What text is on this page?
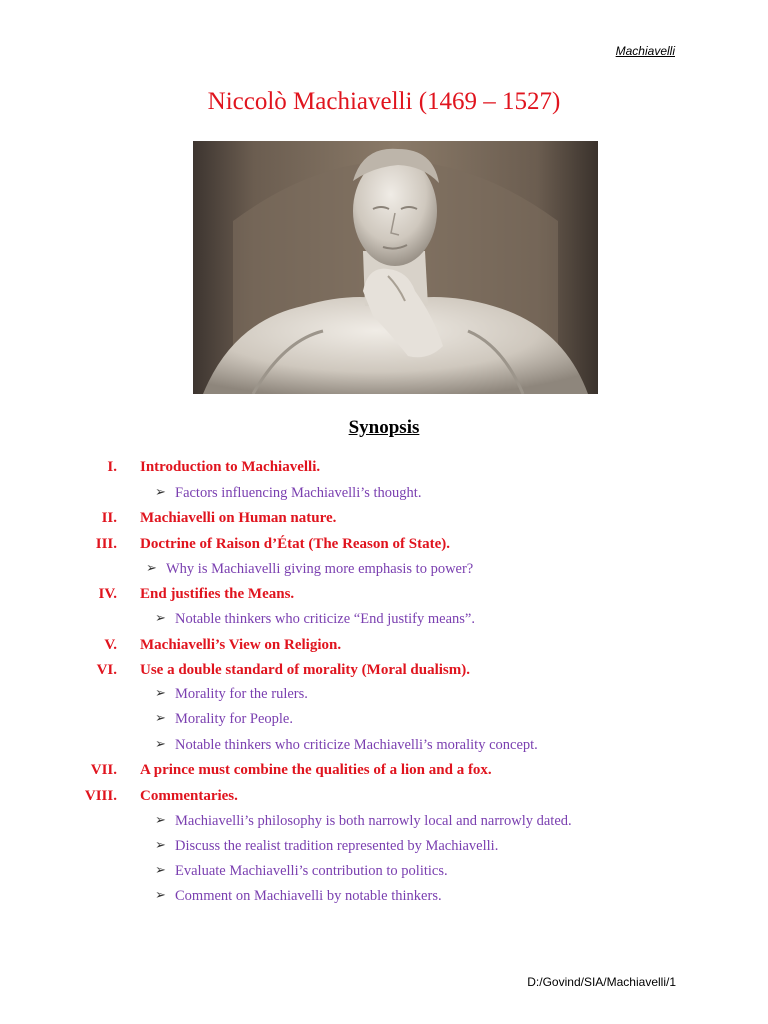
Machiavelli
Niccolò Machiavelli (1469 – 1527)
Synopsis
I. Introduction to Machiavelli.
➢ Factors influencing Machiavelli’s thought.
II. Machiavelli on Human nature.
III. Doctrine of Raison d’État (The Reason of State).
➢ Why is Machiavelli giving more emphasis to power?
IV. End justifies the Means.
➢ Notable thinkers who criticize “End justify means”.
V. Machiavelli’s View on Religion.
VI. Use a double standard of morality (Moral dualism).
➢ Morality for the rulers.
➢ Morality for People.
➢ Notable thinkers who criticize Machiavelli’s morality concept.
VII. A prince must combine the qualities of a lion and a fox.
VIII. Commentaries.
➢ Machiavelli’s philosophy is both narrowly local and narrowly dated.
➢ Discuss the realist tradition represented by Machiavelli.
➢ Evaluate Machiavelli’s contribution to politics.
➢ Comment on Machiavelli by notable thinkers.
D:/Govind/SIA/Machiavelli/1
